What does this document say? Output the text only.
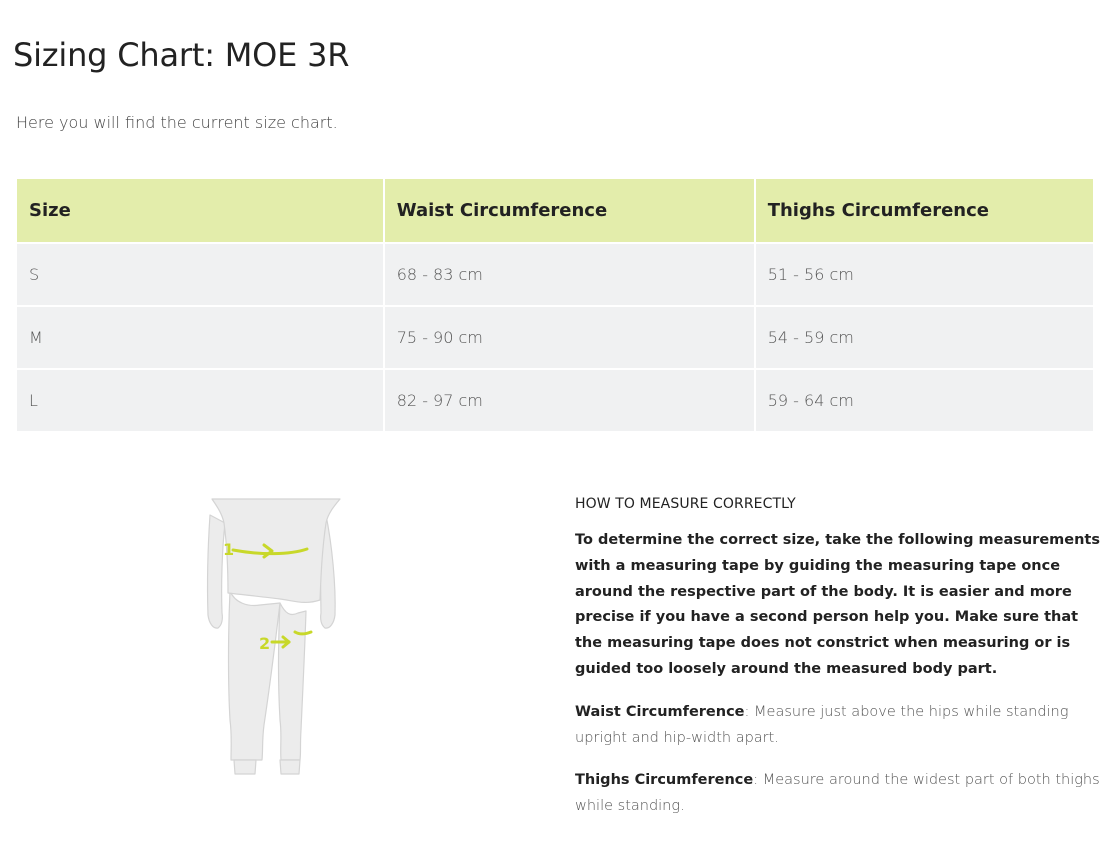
Sizing Chart: MOE 3R

Here you will find the current size chart.

Size	Waist Circumference	Thighs Circumference
S	68 - 83 cm	51 - 56 cm
M	75 - 90 cm	54 - 59 cm
L	82 - 97 cm	59 - 64 cm
1
2

HOW TO MEASURE CORRECTLY

To determine the correct size, take the following measurements with a measuring tape by guiding the measuring tape once around the respective part of the body. It is easier and more precise if you have a second person help you. Make sure that the measuring tape does not constrict when measuring or is guided too loosely around the measured body part.

Waist Circumference: Measure just above the hips while standing upright and hip-width apart.

Thighs Circumference: Measure around the widest part of both thighs while standing.
